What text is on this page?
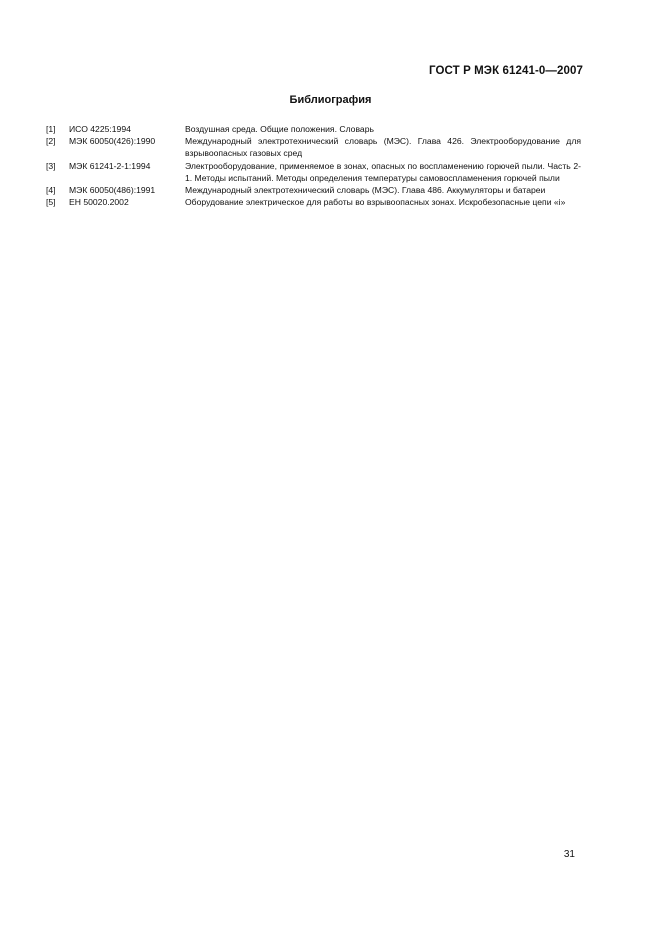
ГОСТ Р МЭК 61241-0—2007
Библиография
[1]	ИСО 4225:1994	Воздушная среда. Общие положения. Словарь
[2]	МЭК 60050(426):1990	Международный электротехнический словарь (МЭС). Глава 426. Электрооборудование для взрывоопасных газовых сред
[3]	МЭК 61241-2-1:1994	Электрооборудование, применяемое в зонах, опасных по воспламенению горючей пыли. Часть 2-1. Методы испытаний. Методы определения температуры самовоспламенения горючей пыли
[4]	МЭК 60050(486):1991	Международный электротехнический словарь (МЭС). Глава 486. Аккумуляторы и батареи
[5]	ЕН 50020.2002	Оборудование электрическое для работы во взрывоопасных зонах. Искробезопасные цепи «i»
31
